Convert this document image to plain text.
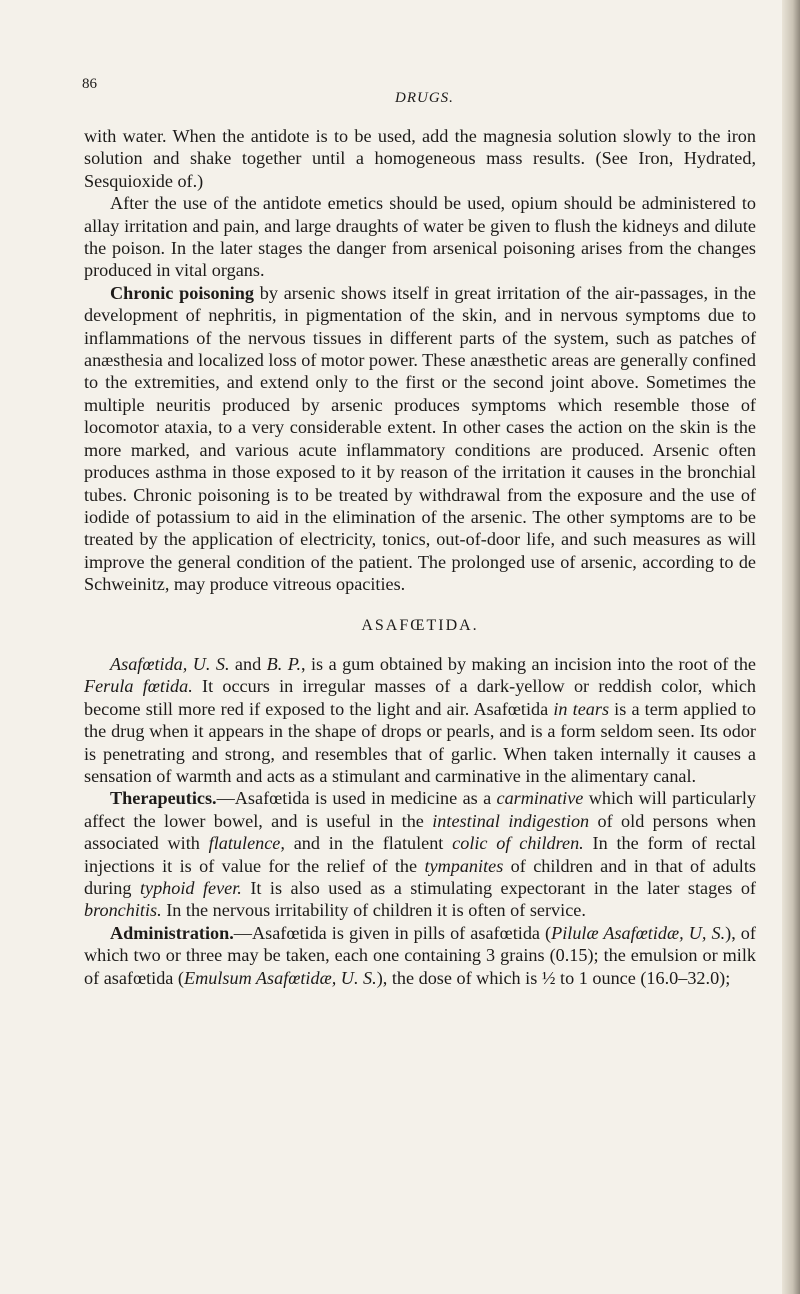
86
DRUGS.

with water. When the antidote is to be used, add the magnesia solution slowly to the iron solution and shake together until a homogeneous mass results. (See Iron, Hydrated, Sesquioxide of.)

After the use of the antidote emetics should be used, opium should be administered to allay irritation and pain, and large draughts of water be given to flush the kidneys and dilute the poison. In the later stages the danger from arsenical poisoning arises from the changes produced in vital organs.

Chronic poisoning by arsenic shows itself in great irritation of the air-passages, in the development of nephritis, in pigmentation of the skin, and in nervous symptoms due to inflammations of the nervous tissues in different parts of the system, such as patches of anæsthesia and localized loss of motor power. These anæsthetic areas are generally confined to the extremities, and extend only to the first or the second joint above. Sometimes the multiple neuritis produced by arsenic produces symptoms which resemble those of locomotor ataxia, to a very considerable extent. In other cases the action on the skin is the more marked, and various acute inflammatory conditions are produced. Arsenic often produces asthma in those exposed to it by reason of the irritation it causes in the bronchial tubes. Chronic poisoning is to be treated by withdrawal from the exposure and the use of iodide of potassium to aid in the elimination of the arsenic. The other symptoms are to be treated by the application of electricity, tonics, out-of-door life, and such measures as will improve the general condition of the patient. The prolonged use of arsenic, according to de Schweinitz, may produce vitreous opacities.

ASAFŒTIDA.

Asafœtida, U. S. and B. P., is a gum obtained by making an incision into the root of the Ferula fœtida. It occurs in irregular masses of a dark-yellow or reddish color, which become still more red if exposed to the light and air. Asafœtida in tears is a term applied to the drug when it appears in the shape of drops or pearls, and is a form seldom seen. Its odor is penetrating and strong, and resembles that of garlic. When taken internally it causes a sensation of warmth and acts as a stimulant and carminative in the alimentary canal.

Therapeutics.—Asafœtida is used in medicine as a carminative which will particularly affect the lower bowel, and is useful in the intestinal indigestion of old persons when associated with flatulence, and in the flatulent colic of children. In the form of rectal injections it is of value for the relief of the tympanites of children and in that of adults during typhoid fever. It is also used as a stimulating expectorant in the later stages of bronchitis. In the nervous irritability of children it is often of service.

Administration.—Asafœtida is given in pills of asafœtida (Pilulæ Asafœtidæ, U, S.), of which two or three may be taken, each one containing 3 grains (0.15); the emulsion or milk of asafœtida (Emulsum Asafœtidæ, U. S.), the dose of which is ½ to 1 ounce (16.0–32.0);
